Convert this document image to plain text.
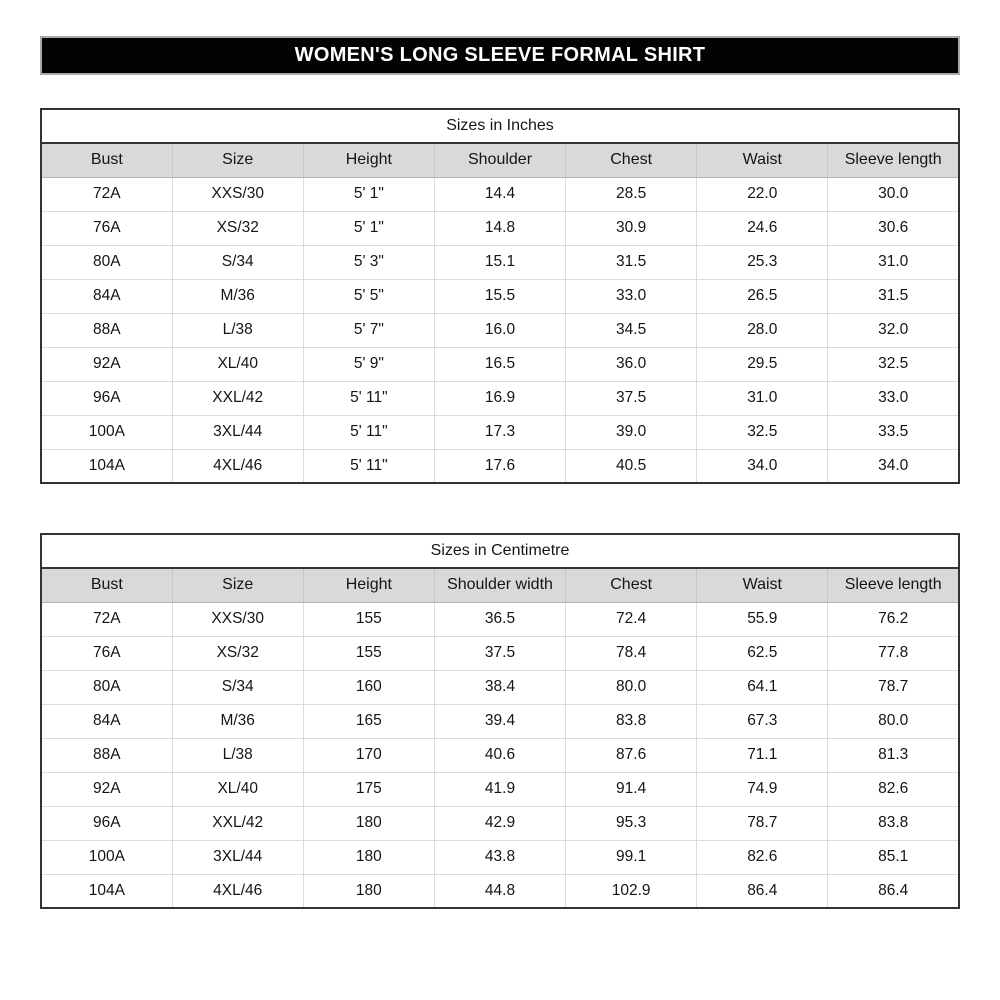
WOMEN'S LONG SLEEVE FORMAL SHIRT
Sizes in Inches						
Bust	Size	Height	Shoulder	Chest	Waist	Sleeve length
72A	XXS/30	5' 1"	14.4	28.5	22.0	30.0
76A	XS/32	5' 1"	14.8	30.9	24.6	30.6
80A	S/34	5' 3"	15.1	31.5	25.3	31.0
84A	M/36	5' 5"	15.5	33.0	26.5	31.5
88A	L/38	5' 7"	16.0	34.5	28.0	32.0
92A	XL/40	5' 9"	16.5	36.0	29.5	32.5
96A	XXL/42	5' 11"	16.9	37.5	31.0	33.0
100A	3XL/44	5' 11"	17.3	39.0	32.5	33.5
104A	4XL/46	5' 11"	17.6	40.5	34.0	34.0
Sizes in Centimetre						
Bust	Size	Height	Shoulder width	Chest	Waist	Sleeve length
72A	XXS/30	155	36.5	72.4	55.9	76.2
76A	XS/32	155	37.5	78.4	62.5	77.8
80A	S/34	160	38.4	80.0	64.1	78.7
84A	M/36	165	39.4	83.8	67.3	80.0
88A	L/38	170	40.6	87.6	71.1	81.3
92A	XL/40	175	41.9	91.4	74.9	82.6
96A	XXL/42	180	42.9	95.3	78.7	83.8
100A	3XL/44	180	43.8	99.1	82.6	85.1
104A	4XL/46	180	44.8	102.9	86.4	86.4
